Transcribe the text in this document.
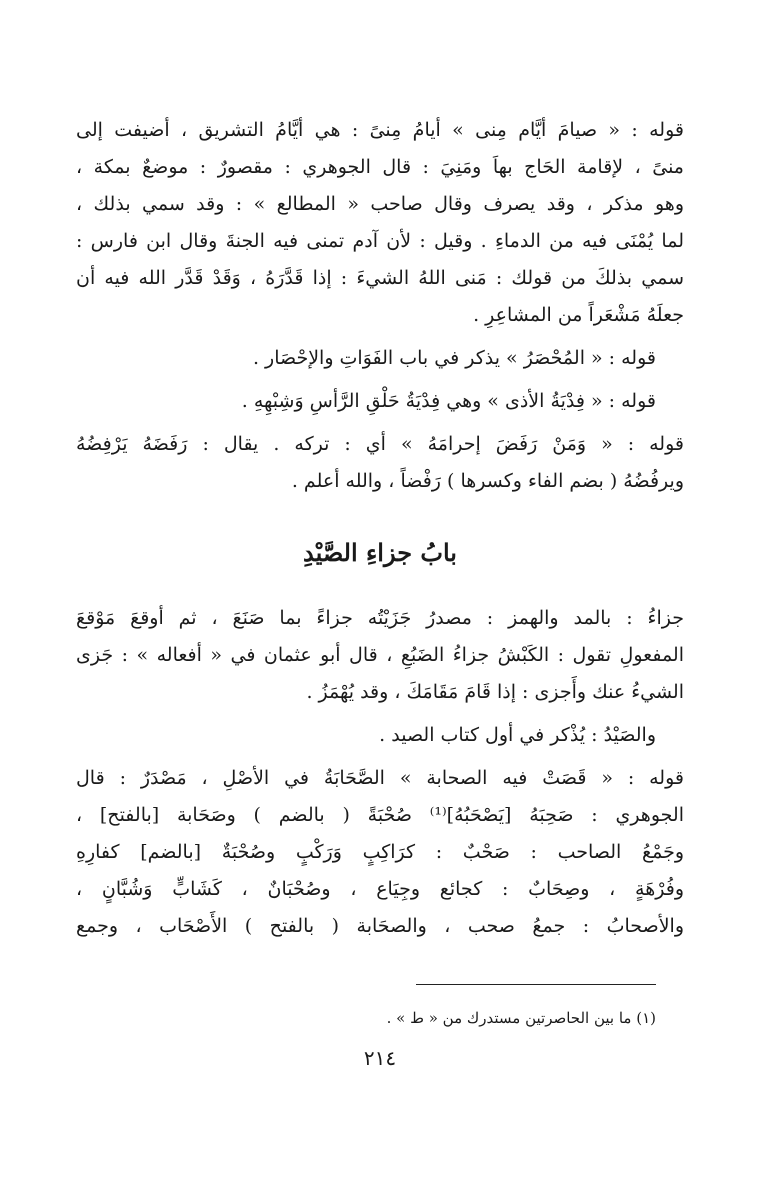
قوله : « صيامَ أيَّام مِنى » أيامُ مِنىً : هي أيَّامُ التشريق ، أضيفت إلى
منىً ، لإقامة الحَاج بهاَ ومَنِيَ : قال الجوهري : مقصورٌ : موضعٌ بمكة ،
وهو مذكر ، وقد يصرف وقال صاحب « المطالع » : وقد سمي بذلك ،
لما يُمْنَى فيه من الدماءِ . وقيل : لأن آدم تمنى فيه الجنةَ وقال ابن فارس :
سمي بذلكَ من قولك : مَنى اللهُ الشيءَ : إذا قَدَّرَهُ ، وَقَدْ قَدَّر الله فيه أن
جعلَهُ مَشْعَراً من المشاعِرِ .

قوله : « المُحْصَرُ » يذكر في باب الفَوَاتِ والإحْصَار .

قوله : « فِدْيَةُ الأذى » وهي فِدْيَةُ حَلْقِ الرَّأسِ وَشِبْهِهِ .

قوله : « وَمَنْ رَفَضَ إحرامَهُ » أي : تركه . يقال : رَفَضَهُ يَرْفِضُهُ
ويرفُضُهُ ( بضم الفاء وكسرها ) رَفْضاً ، والله أعلم .

بابُ جزاءِ الصَّيْدِ

جزاءُ : بالمد والهمز : مصدرُ جَزَيْتُه جزاءً بما صَنَعَ ، ثم أوقعَ مَوْقعَ
المفعولِ تقول : الكَبْشُ جزاءُ الضَبُعِ ، قال أبو عثمان في « أفعاله » : جَزى
الشيءُ عنك وأَجزى : إذا قَامَ مَقَامَكَ ، وقد يُهْمَزُ .

والصَيْدُ : يُذْكر في أول كتاب الصيد .

قوله : « قَصَتْ فيه الصحابة » الصَّحَابَةُ في الأصْلِ ، مَصْدَرٌ : قال
الجوهري : صَحِبَهُ [يَصْحَبُهُ]⁽¹⁾ صُحْبَةً ( بالضم ) وصَحَابة [بالفتح] ،
وجَمْعُ الصاحب : صَحْبٌ : كرَاكِبٍ وَرَكْبٍ وصُحْبَةٌ [بالضم] كفارِهِ
وفُرْهَةٍ ، وصِحَابٌ : كجائع وجِيَاع ، وصُحْبَانٌ ، كَشَابٍّ وَشُبَّانٍ ،
والأصحابُ : جمعُ صحب ، والصحَابة ( بالفتح ) الأَصْحَاب ، وجمع

(١) ما بين الحاصرتين مستدرك من « ط » .
٢١٤
